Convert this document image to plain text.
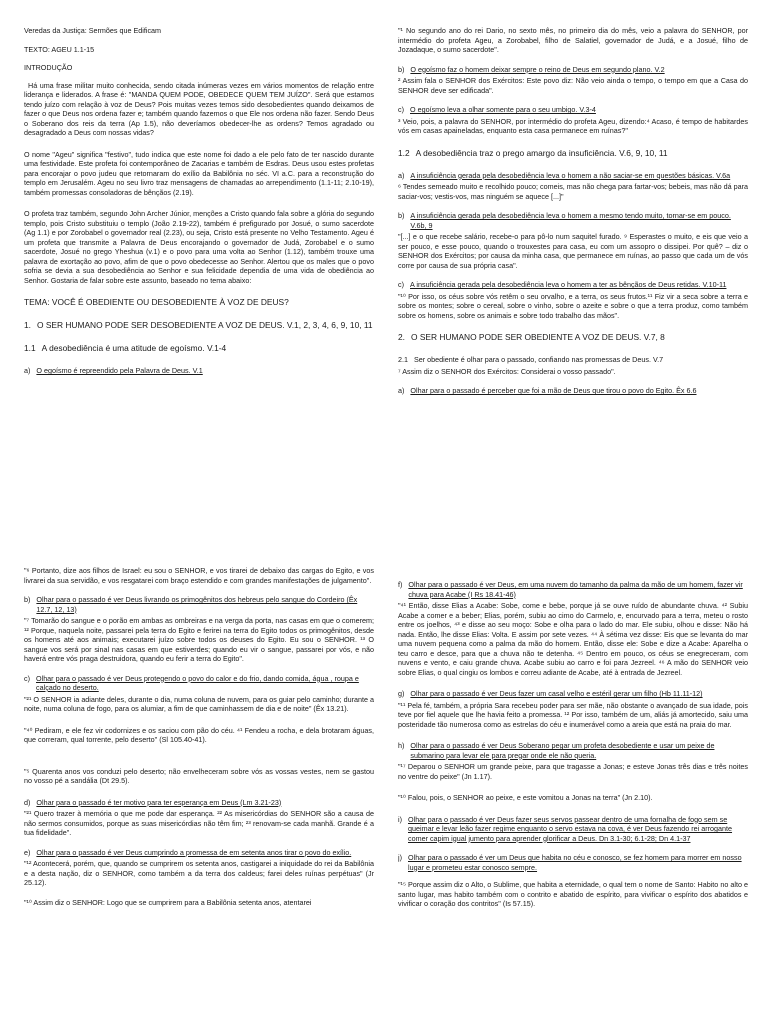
Veredas da Justiça: Sermões que Edificam

TEXTO: AGEU 1.1-15

INTRODUÇÃO

Há uma frase militar muito conhecida, sendo citada inúmeras vezes em vários momentos de relação entre liderança e liderados. A frase é: "MANDA QUEM PODE, OBEDECE QUEM TEM JUÍZO". Será que estamos tendo juízo com relação à voz de Deus? Pois muitas vezes temos sido desobedientes quando deixamos de fazer o que Deus nos ordena fazer e; também quando fazemos o que Ele nos ordena não fazer. Sendo Deus o Soberano dos reis da terra (Ap 1.5), não deveríamos obedecer-lhe as ordens? Temos agradado ou desagradado a Deus com nossas vidas?

O nome "Ageu" significa "festivo", tudo indica que este nome foi dado a ele pelo fato de ter nascido durante uma festividade. Este profeta foi contemporâneo de Zacarias e também de Esdras. Deus usou estes profetas para encorajar o povo judeu que retornaram do exílio da Babilônia no séc. VI a.C. para a reconstrução do templo em Jerusalém. Ageu no seu livro traz mensagens de chamadas ao arrependimento (1.1-11; 2.10-19), também promessas consoladoras de bênçãos (2.19).

O profeta traz também, segundo John Archer Júnior, menções a Cristo quando fala sobre a glória do segundo templo, pois Cristo substituiu o templo (João 2.19-22), também é prefigurado por Josué, o sumo sacerdote (Ag 1.1) e por Zorobabel o governador real (2.23), ou seja, Cristo está presente no Velho Testamento. Ageu é um profeta que transmite a Palavra de Deus encorajando o governador de Judá, Zorobabel e o sumo sacerdote, Josué no grego Yheshua (v.1) e o povo para uma volta ao Senhor (1.12), também trouxe uma palavra de exortação ao povo, afim de que o povo obedecesse ao Senhor. Alertou que os males que o povo sofria se devia a sua desobediência ao Senhor e sua felicidade dependia de uma vida de obediência ao Senhor. Gostaria de falar sobre este assunto, baseado no tema abaixo:

TEMA: VOCÊ É OBEDIENTE OU DESOBEDIENTE À VOZ DE DEUS?

1. O SER HUMANO PODE SER DESOBEDIENTE A VOZ DE DEUS. V.1, 2, 3, 4, 6, 9, 10, 11
1.1 A desobediência é uma atitude de egoísmo. V.1-4
a) O egoísmo é repreendido pela Palavra de Deus. V.1

"¹ No segundo ano do rei Dario, no sexto mês, no primeiro dia do mês, veio a palavra do SENHOR, por intermédio do profeta Ageu, a Zorobabel, filho de Salatiel, governador de Judá, e a Josué, filho de Jozadaque, o sumo sacerdote".

b) O egoísmo faz o homem deixar sempre o reino de Deus em segundo plano. V.2

² Assim fala o SENHOR dos Exércitos: Este povo diz: Não veio ainda o tempo, o tempo em que a Casa do SENHOR deve ser edificada".

c) O egoísmo leva a olhar somente para o seu umbigo. V.3-4

³ Veio, pois, a palavra do SENHOR, por intermédio do profeta Ageu, dizendo:⁴ Acaso, é tempo de habitardes vós em casas apaineladas, enquanto esta casa permanece em ruínas?"

1.2 A desobediência traz o prego amargo da insuficiência. V.6, 9, 10, 11
a) A insuficiência gerada pela desobediência leva o homem a não saciar-se em questões básicas. V.6a

⁶ Tendes semeado muito e recolhido pouco; comeis, mas não chega para fartar-vos; bebeis, mas não dá para saciar-vos; vestis-vos, mas ninguém se aquece [...]"

b) A insuficiência gerada pela desobediência leva o homem a mesmo tendo muito, tornar-se em pouco. V.6b, 9

"[...] e o que recebe salário, recebe-o para pô-lo num saquitel furado. ⁹ Esperastes o muito, e eis que veio a ser pouco, e esse pouco, quando o trouxestes para casa, eu com um assopro o dissipei. Por quê? – diz o SENHOR dos Exércitos; por causa da minha casa, que permanece em ruínas, ao passo que cada um de vós corre por causa de sua própria casa".

c) A insuficiência gerada pela desobediência leva o homem a ter as bênçãos de Deus retidas. V.10-11

"¹⁰ Por isso, os céus sobre vós retêm o seu orvalho, e a terra, os seus frutos.¹¹ Fiz vir a seca sobre a terra e sobre os montes; sobre o cereal, sobre o vinho, sobre o azeite e sobre o que a terra produz, como também sobre os homens, sobre os animais e sobre todo trabalho das mãos".

2. O SER HUMANO PODE SER OBEDIENTE A VOZ DE DEUS. V.7, 8
2.1 Ser obediente é olhar para o passado, confiando nas promessas de Deus. V.7

⁷ Assim diz o SENHOR dos Exércitos: Considerai o vosso passado".

a) Olhar para o passado é perceber que foi a mão de Deus que tirou o povo do Egito. Êx 6.6

"⁶ Portanto, dize aos filhos de Israel: eu sou o SENHOR, e vos tirarei de debaixo das cargas do Egito, e vos livrarei da sua servidão, e vos resgatarei com braço estendido e com grandes manifestações de julgamento".

b) Olhar para o passado é ver Deus livrando os primogênitos dos hebreus pelo sangue do Cordeiro (Êx 12.7, 12, 13)

"⁷ Tomarão do sangue e o porão em ambas as ombreiras e na verga da porta, nas casas em que o comerem; ¹² Porque, naquela noite, passarei pela terra do Egito e ferirei na terra do Egito todos os primogênitos, desde os homens até aos animais; executarei juízo sobre todos os deuses do Egito. Eu sou o SENHOR. ¹³ O sangue vos será por sinal nas casas em que estiverdes; quando eu vir o sangue, passarei por vós, e não haverá entre vós praga destruidora, quando eu ferir a terra do Egito".

c) Olhar para o passado é ver Deus protegendo o povo do calor e do frio, dando comida, água , roupa e calçado no deserto.

"²¹ O SENHOR ia adiante deles, durante o dia, numa coluna de nuvem, para os guiar pelo caminho; durante a noite, numa coluna de fogo, para os alumiar, a fim de que caminhassem de dia e de noite" (Êx 13.21).

"⁴⁰ Pediram, e ele fez vir codornizes e os saciou com pão do céu. ⁴¹ Fendeu a rocha, e dela brotaram águas, que correram, qual torrente, pelo deserto" (Sl 105.40-41).

"⁵ Quarenta anos vos conduzi pelo deserto; não envelheceram sobre vós as vossas vestes, nem se gastou no vosso pé a sandália (Dt 29.5).

d) Olhar para o passado é ter motivo para ter esperança em Deus (Lm 3.21-23)

"²¹ Quero trazer à memória o que me pode dar esperança. ²² As misericórdias do SENHOR são a causa de não sermos consumidos, porque as suas misericórdias não têm fim; ²³ renovam-se cada manhã. Grande é a tua fidelidade".

e) Olhar para o passado é ver Deus cumprindo a promessa de em setenta anos tirar o povo do exílio.

"¹² Acontecerá, porém, que, quando se cumprirem os setenta anos, castigarei a iniquidade do rei da Babilônia e a desta nação, diz o SENHOR, como também a da terra dos caldeus; farei deles ruínas perpétuas" (Jr 25.12).

"¹⁰ Assim diz o SENHOR: Logo que se cumprirem para a Babilônia setenta anos, atentarei

f) Olhar para o passado é ver Deus, em uma nuvem do tamanho da palma da mão de um homem, fazer vir chuva para Acabe (I Rs 18.41-46)

"⁴¹ Então, disse Elias a Acabe: Sobe, come e bebe, porque já se ouve ruído de abundante chuva. ⁴² Subiu Acabe a comer e a beber; Elias, porém, subiu ao cimo do Carmelo, e, encurvado para a terra, meteu o rosto entre os joelhos, ⁴³ e disse ao seu moço: Sobe e olha para o lado do mar. Ele subiu, olhou e disse: Não há nada. Então, lhe disse Elias: Volta. E assim por sete vezes. ⁴⁴ À sétima vez disse: Eis que se levanta do mar uma nuvem pequena como a palma da mão do homem. Então, disse ele: Sobe e dize a Acabe: Aparelha o teu carro e desce, para que a chuva não te detenha. ⁴⁵ Dentro em pouco, os céus se enegreceram, com nuvens e vento, e caiu grande chuva. Acabe subiu ao carro e foi para Jezreel. ⁴⁶ A mão do SENHOR veio sobre Elias, o qual cingiu os lombos e correu adiante de Acabe, até à entrada de Jezreel.

g) Olhar para o passado é ver Deus fazer um casal velho e estéril gerar um filho (Hb 11.11-12)

"¹¹ Pela fé, também, a própria Sara recebeu poder para ser mãe, não obstante o avançado de sua idade, pois teve por fiel aquele que lhe havia feito a promessa. ¹² Por isso, também de um, aliás já amortecido, saiu uma posteridade tão numerosa como as estrelas do céu e inumerável como a areia que está na praia do mar.

h) Olhar para o passado é ver Deus Soberano pegar um profeta desobediente e usar um peixe de submarino para levar ele para pregar onde ele não queria.

"¹⁷ Deparou o SENHOR um grande peixe, para que tragasse a Jonas; e esteve Jonas três dias e três noites no ventre do peixe" (Jn 1.17).

"¹⁰ Falou, pois, o SENHOR ao peixe, e este vomitou a Jonas na terra" (Jn 2.10).

i) Olhar para o passado é ver Deus fazer seus servos passear dentro de uma fornalha de fogo sem se queimar e levar leão fazer regime enquanto o servo estava na cova, é ver Deus fazendo rei arrogante comer capim igual jumento para aprender glorificar a Deus. Dn 3.1-30; 6.1-28; Dn 4.1-37
j) Olhar para o passado é ver um Deus que habita no céu e conosco, se fez homem para morrer em nosso lugar e prometeu estar conosco sempre.

"¹⁵ Porque assim diz o Alto, o Sublime, que habita a eternidade, o qual tem o nome de Santo: Habito no alto e santo lugar, mas habito também com o contrito e abatido de espírito, para vivificar o espírito dos abatidos e vivificar o coração dos contritos" (Is 57.15).
